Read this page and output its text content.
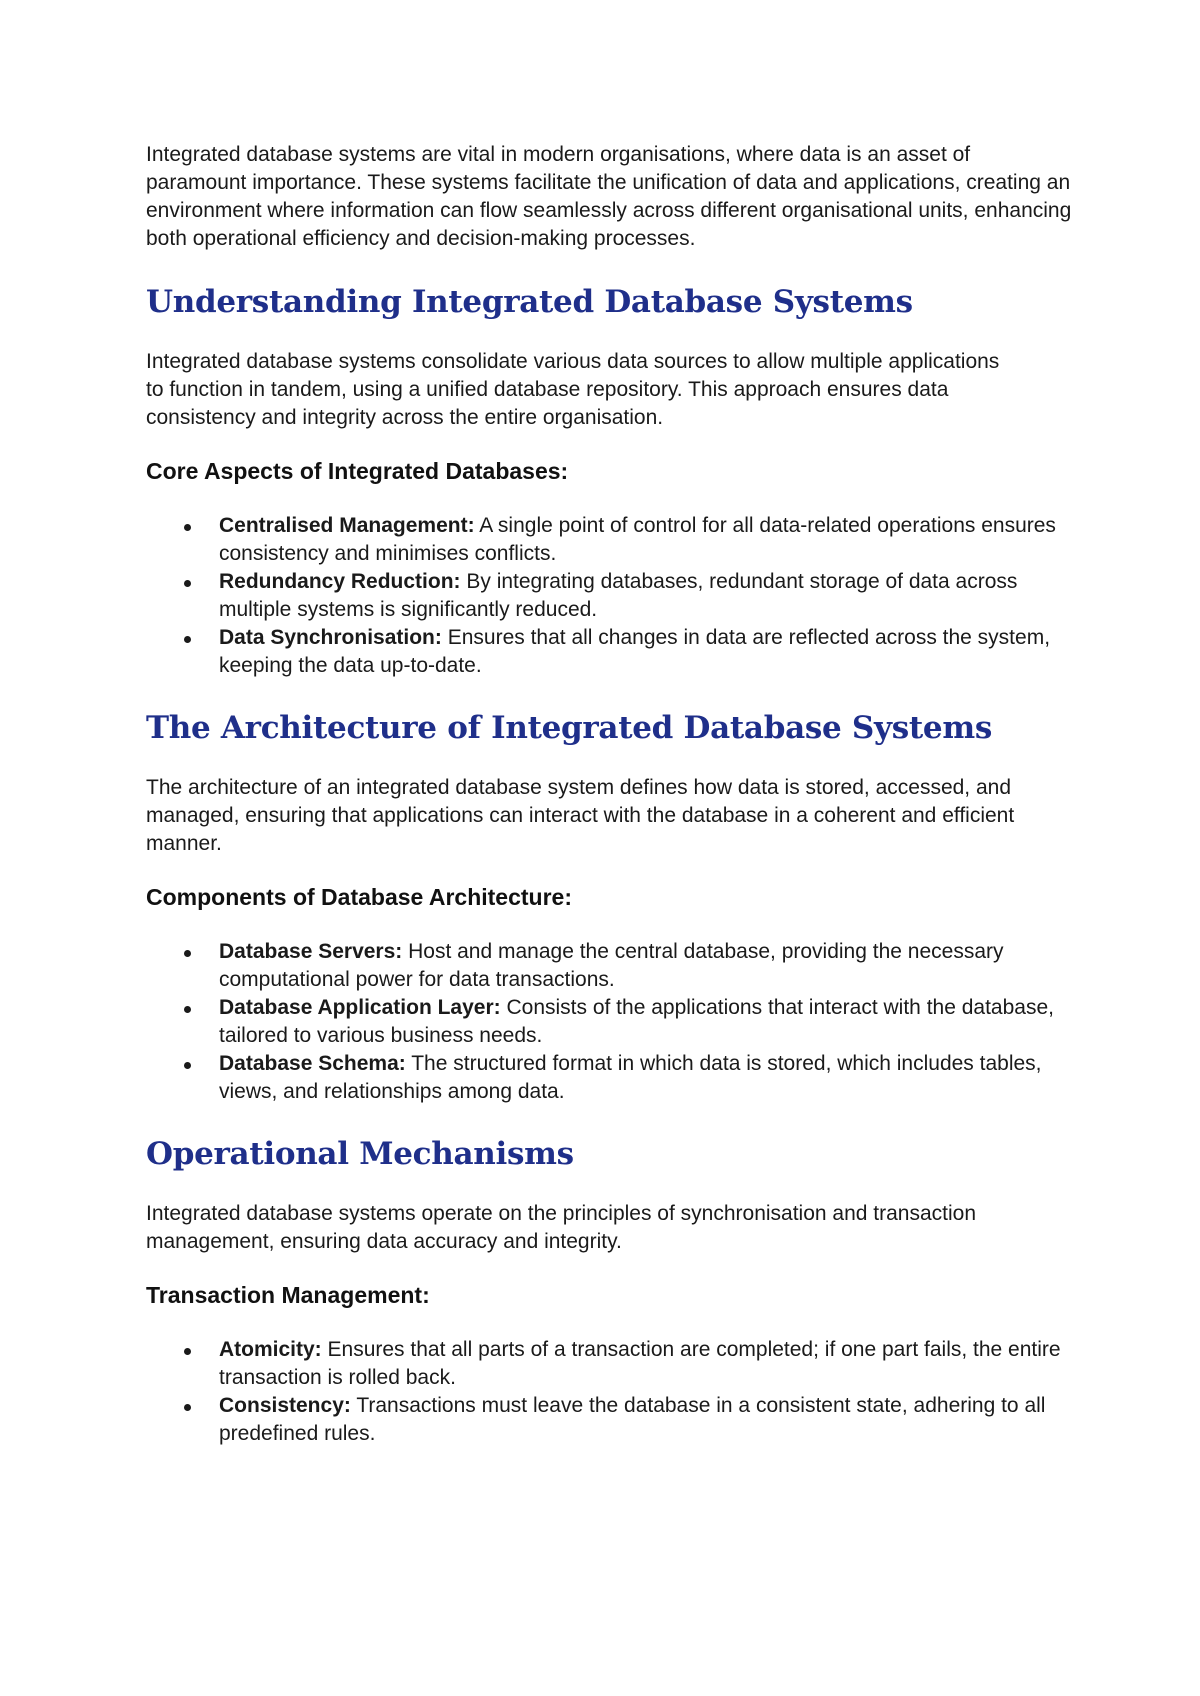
Integrated database systems are vital in modern organisations, where data is an asset of paramount importance. These systems facilitate the unification of data and applications, creating an environment where information can flow seamlessly across different organisational units, enhancing both operational efficiency and decision-making processes.

Understanding Integrated Database Systems

Integrated database systems consolidate various data sources to allow multiple applications to function in tandem, using a unified database repository. This approach ensures data consistency and integrity across the entire organisation.

Core Aspects of Integrated Databases:
Centralised Management: A single point of control for all data-related operations ensures consistency and minimises conflicts.
Redundancy Reduction: By integrating databases, redundant storage of data across multiple systems is significantly reduced.
Data Synchronisation: Ensures that all changes in data are reflected across the system, keeping the data up-to-date.
The Architecture of Integrated Database Systems

The architecture of an integrated database system defines how data is stored, accessed, and managed, ensuring that applications can interact with the database in a coherent and efficient manner.

Components of Database Architecture:
Database Servers: Host and manage the central database, providing the necessary computational power for data transactions.
Database Application Layer: Consists of the applications that interact with the database, tailored to various business needs.
Database Schema: The structured format in which data is stored, which includes tables, views, and relationships among data.
Operational Mechanisms

Integrated database systems operate on the principles of synchronisation and transaction management, ensuring data accuracy and integrity.

Transaction Management:
Atomicity: Ensures that all parts of a transaction are completed; if one part fails, the entire transaction is rolled back.
Consistency: Transactions must leave the database in a consistent state, adhering to all predefined rules.
